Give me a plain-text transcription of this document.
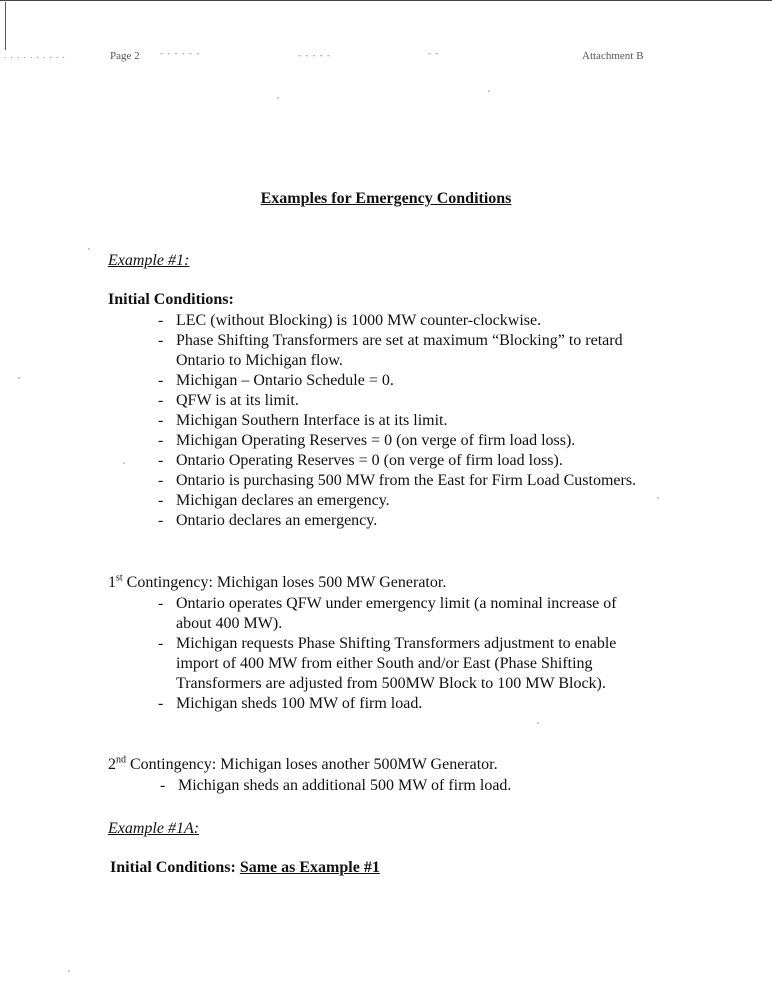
. . . . . . . . . .	Page 2 - - - - - -	- - - - -	- -	Attachment B
Examples for Emergency Conditions
Example #1:
Initial Conditions:
- LEC (without Blocking) is 1000 MW counter-clockwise.
- Phase Shifting Transformers are set at maximum “Blocking” to retard Ontario to Michigan flow.
- Michigan – Ontario Schedule = 0.
- QFW is at its limit.
- Michigan Southern Interface is at its limit.
- Michigan Operating Reserves = 0 (on verge of firm load loss).
- Ontario Operating Reserves = 0 (on verge of firm load loss).
- Ontario is purchasing 500 MW from the East for Firm Load Customers.
- Michigan declares an emergency.
- Ontario declares an emergency.
1st Contingency: Michigan loses 500 MW Generator.
- Ontario operates QFW under emergency limit (a nominal increase of about 400 MW).
- Michigan requests Phase Shifting Transformers adjustment to enable import of 400 MW from either South and/or East (Phase Shifting Transformers are adjusted from 500MW Block to 100 MW Block).
- Michigan sheds 100 MW of firm load.
2nd Contingency: Michigan loses another 500MW Generator.
- Michigan sheds an additional 500 MW of firm load.
Example #1A:
Initial Conditions: Same as Example #1
